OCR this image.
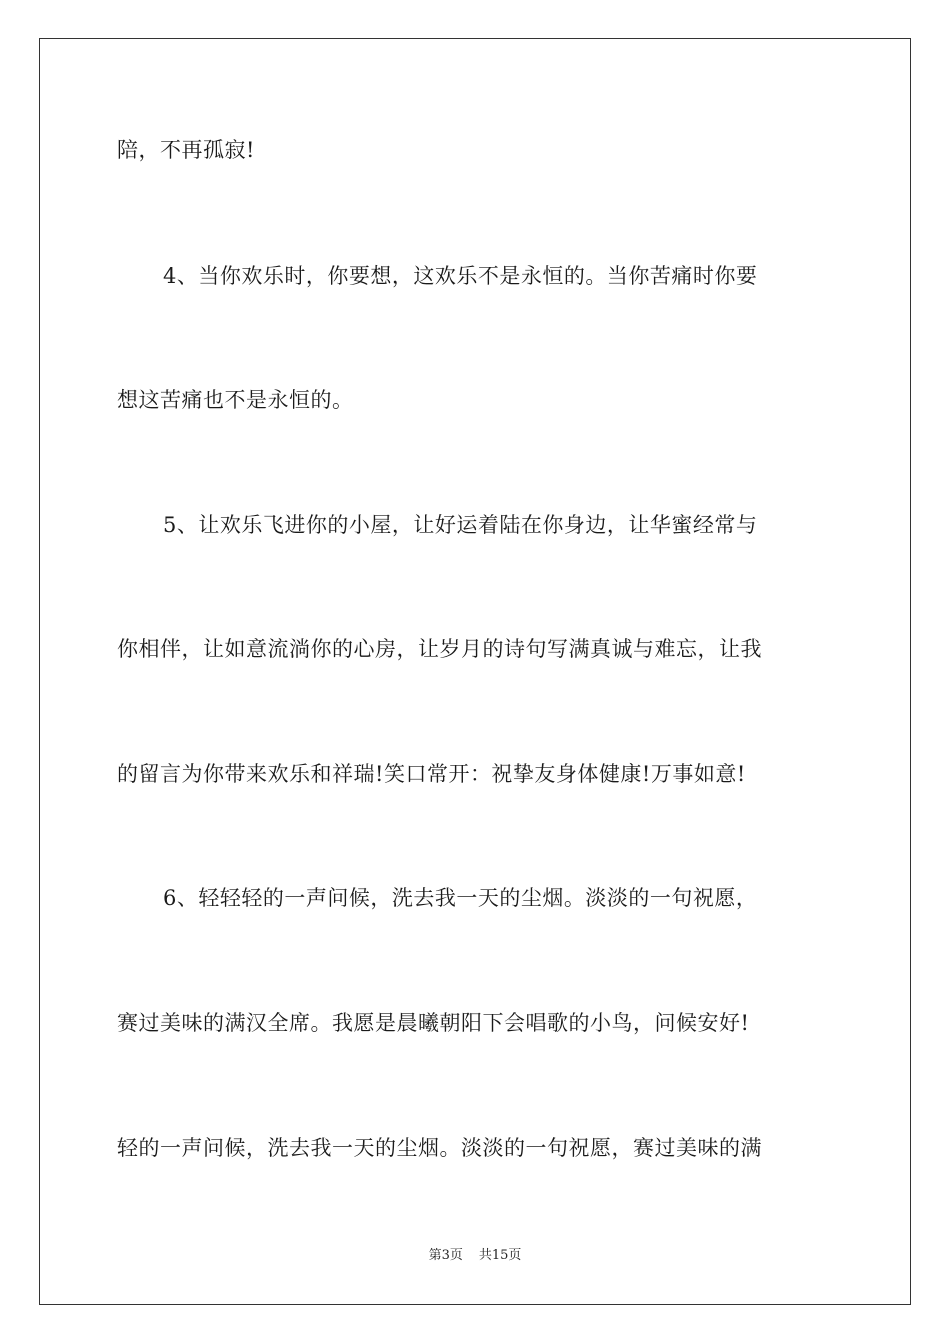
陪，不再孤寂!
4、当你欢乐时，你要想，这欢乐不是永恒的。当你苦痛时你要
想这苦痛也不是永恒的。
5、让欢乐飞进你的小屋，让好运着陆在你身边，让华蜜经常与
你相伴，让如意流淌你的心房，让岁月的诗句写满真诚与难忘，让我
的留言为你带来欢乐和祥瑞!笑口常开：祝挚友身体健康!万事如意!
6、轻轻轻的一声问候，洗去我一天的尘烟。淡淡的一句祝愿，
赛过美味的满汉全席。我愿是晨曦朝阳下会唱歌的小鸟，问候安好!
轻的一声问候，洗去我一天的尘烟。淡淡的一句祝愿，赛过美味的满
第3页 共15页
